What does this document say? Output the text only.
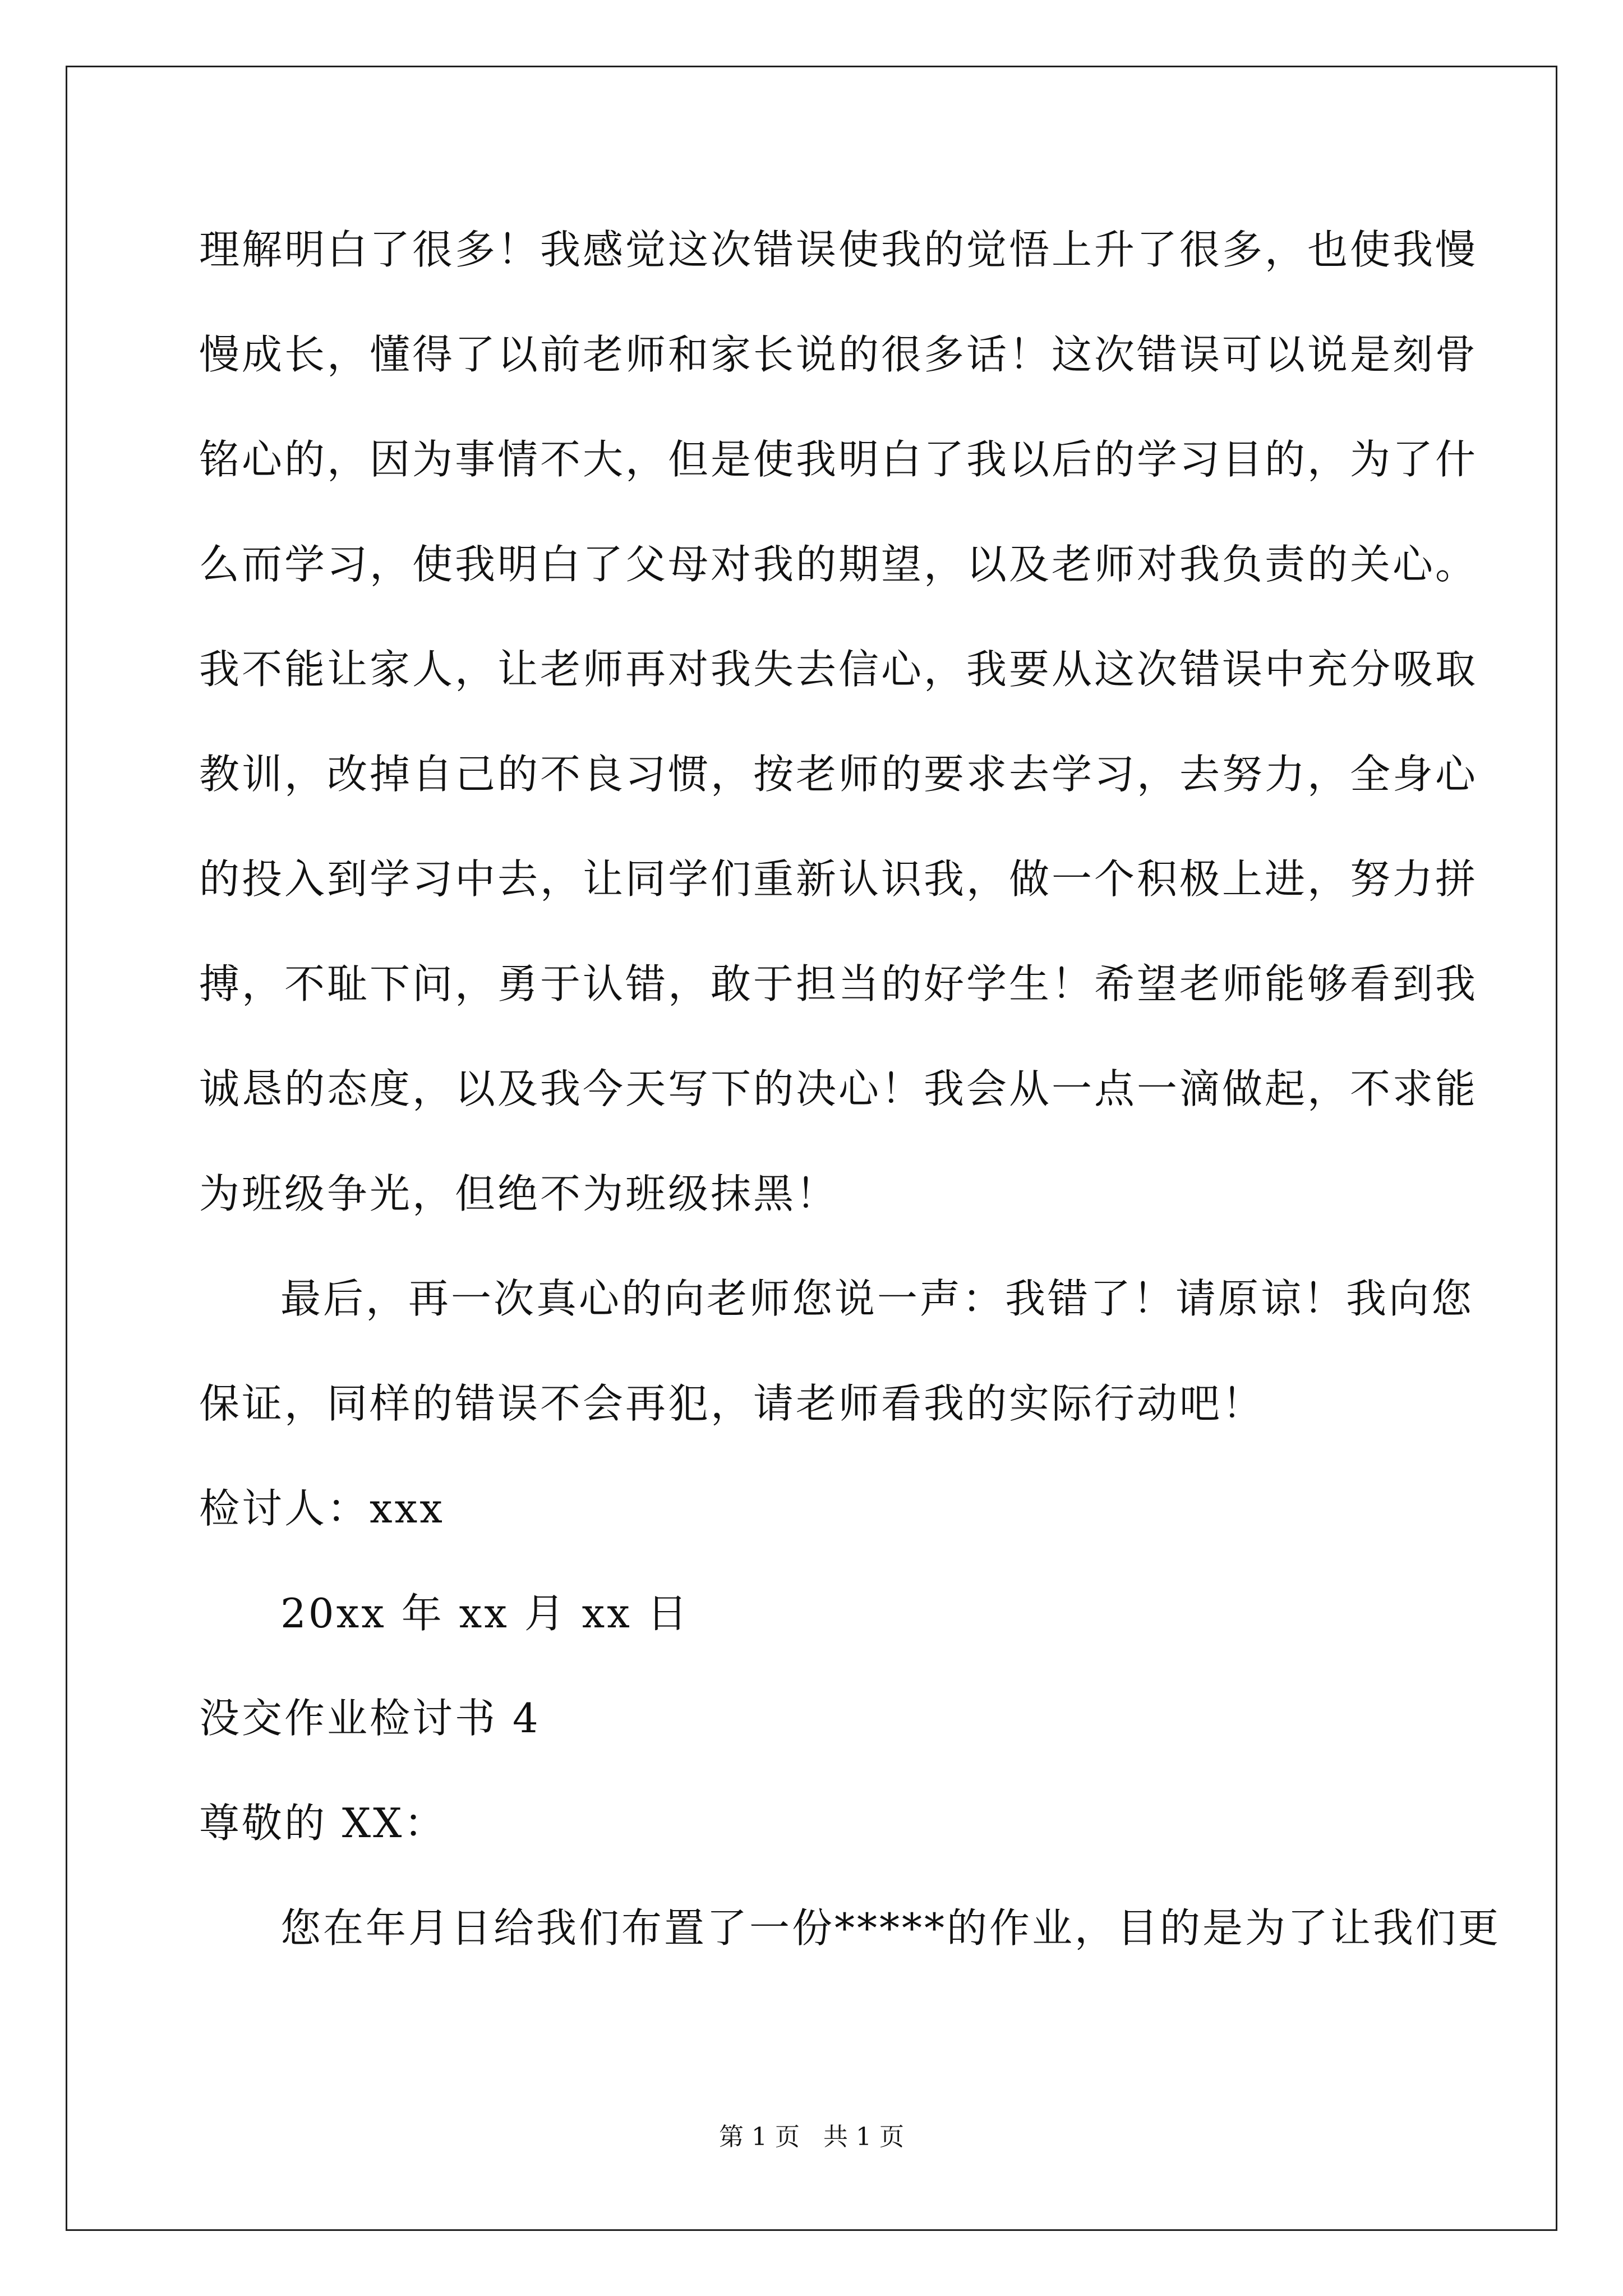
理解明白了很多！我感觉这次错误使我的觉悟上升了很多，也使我慢
慢成长，懂得了以前老师和家长说的很多话！这次错误可以说是刻骨
铭心的，因为事情不大，但是使我明白了我以后的学习目的，为了什
么而学习，使我明白了父母对我的期望，以及老师对我负责的关心。
我不能让家人，让老师再对我失去信心，我要从这次错误中充分吸取
教训，改掉自己的不良习惯，按老师的要求去学习，去努力，全身心
的投入到学习中去，让同学们重新认识我，做一个积极上进，努力拼
搏，不耻下问，勇于认错，敢于担当的好学生！希望老师能够看到我
诚恳的态度，以及我今天写下的决心！我会从一点一滴做起，不求能
为班级争光，但绝不为班级抹黑！
最后，再一次真心的向老师您说一声：我错了！请原谅！我向您
保证，同样的错误不会再犯，请老师看我的实际行动吧！
检讨人：xxx
20xx 年 xx 月 xx 日
没交作业检讨书 4
尊敬的 XX：
您在年月日给我们布置了一份*****的作业，目的是为了让我们更
第 1 页   共 1 页
